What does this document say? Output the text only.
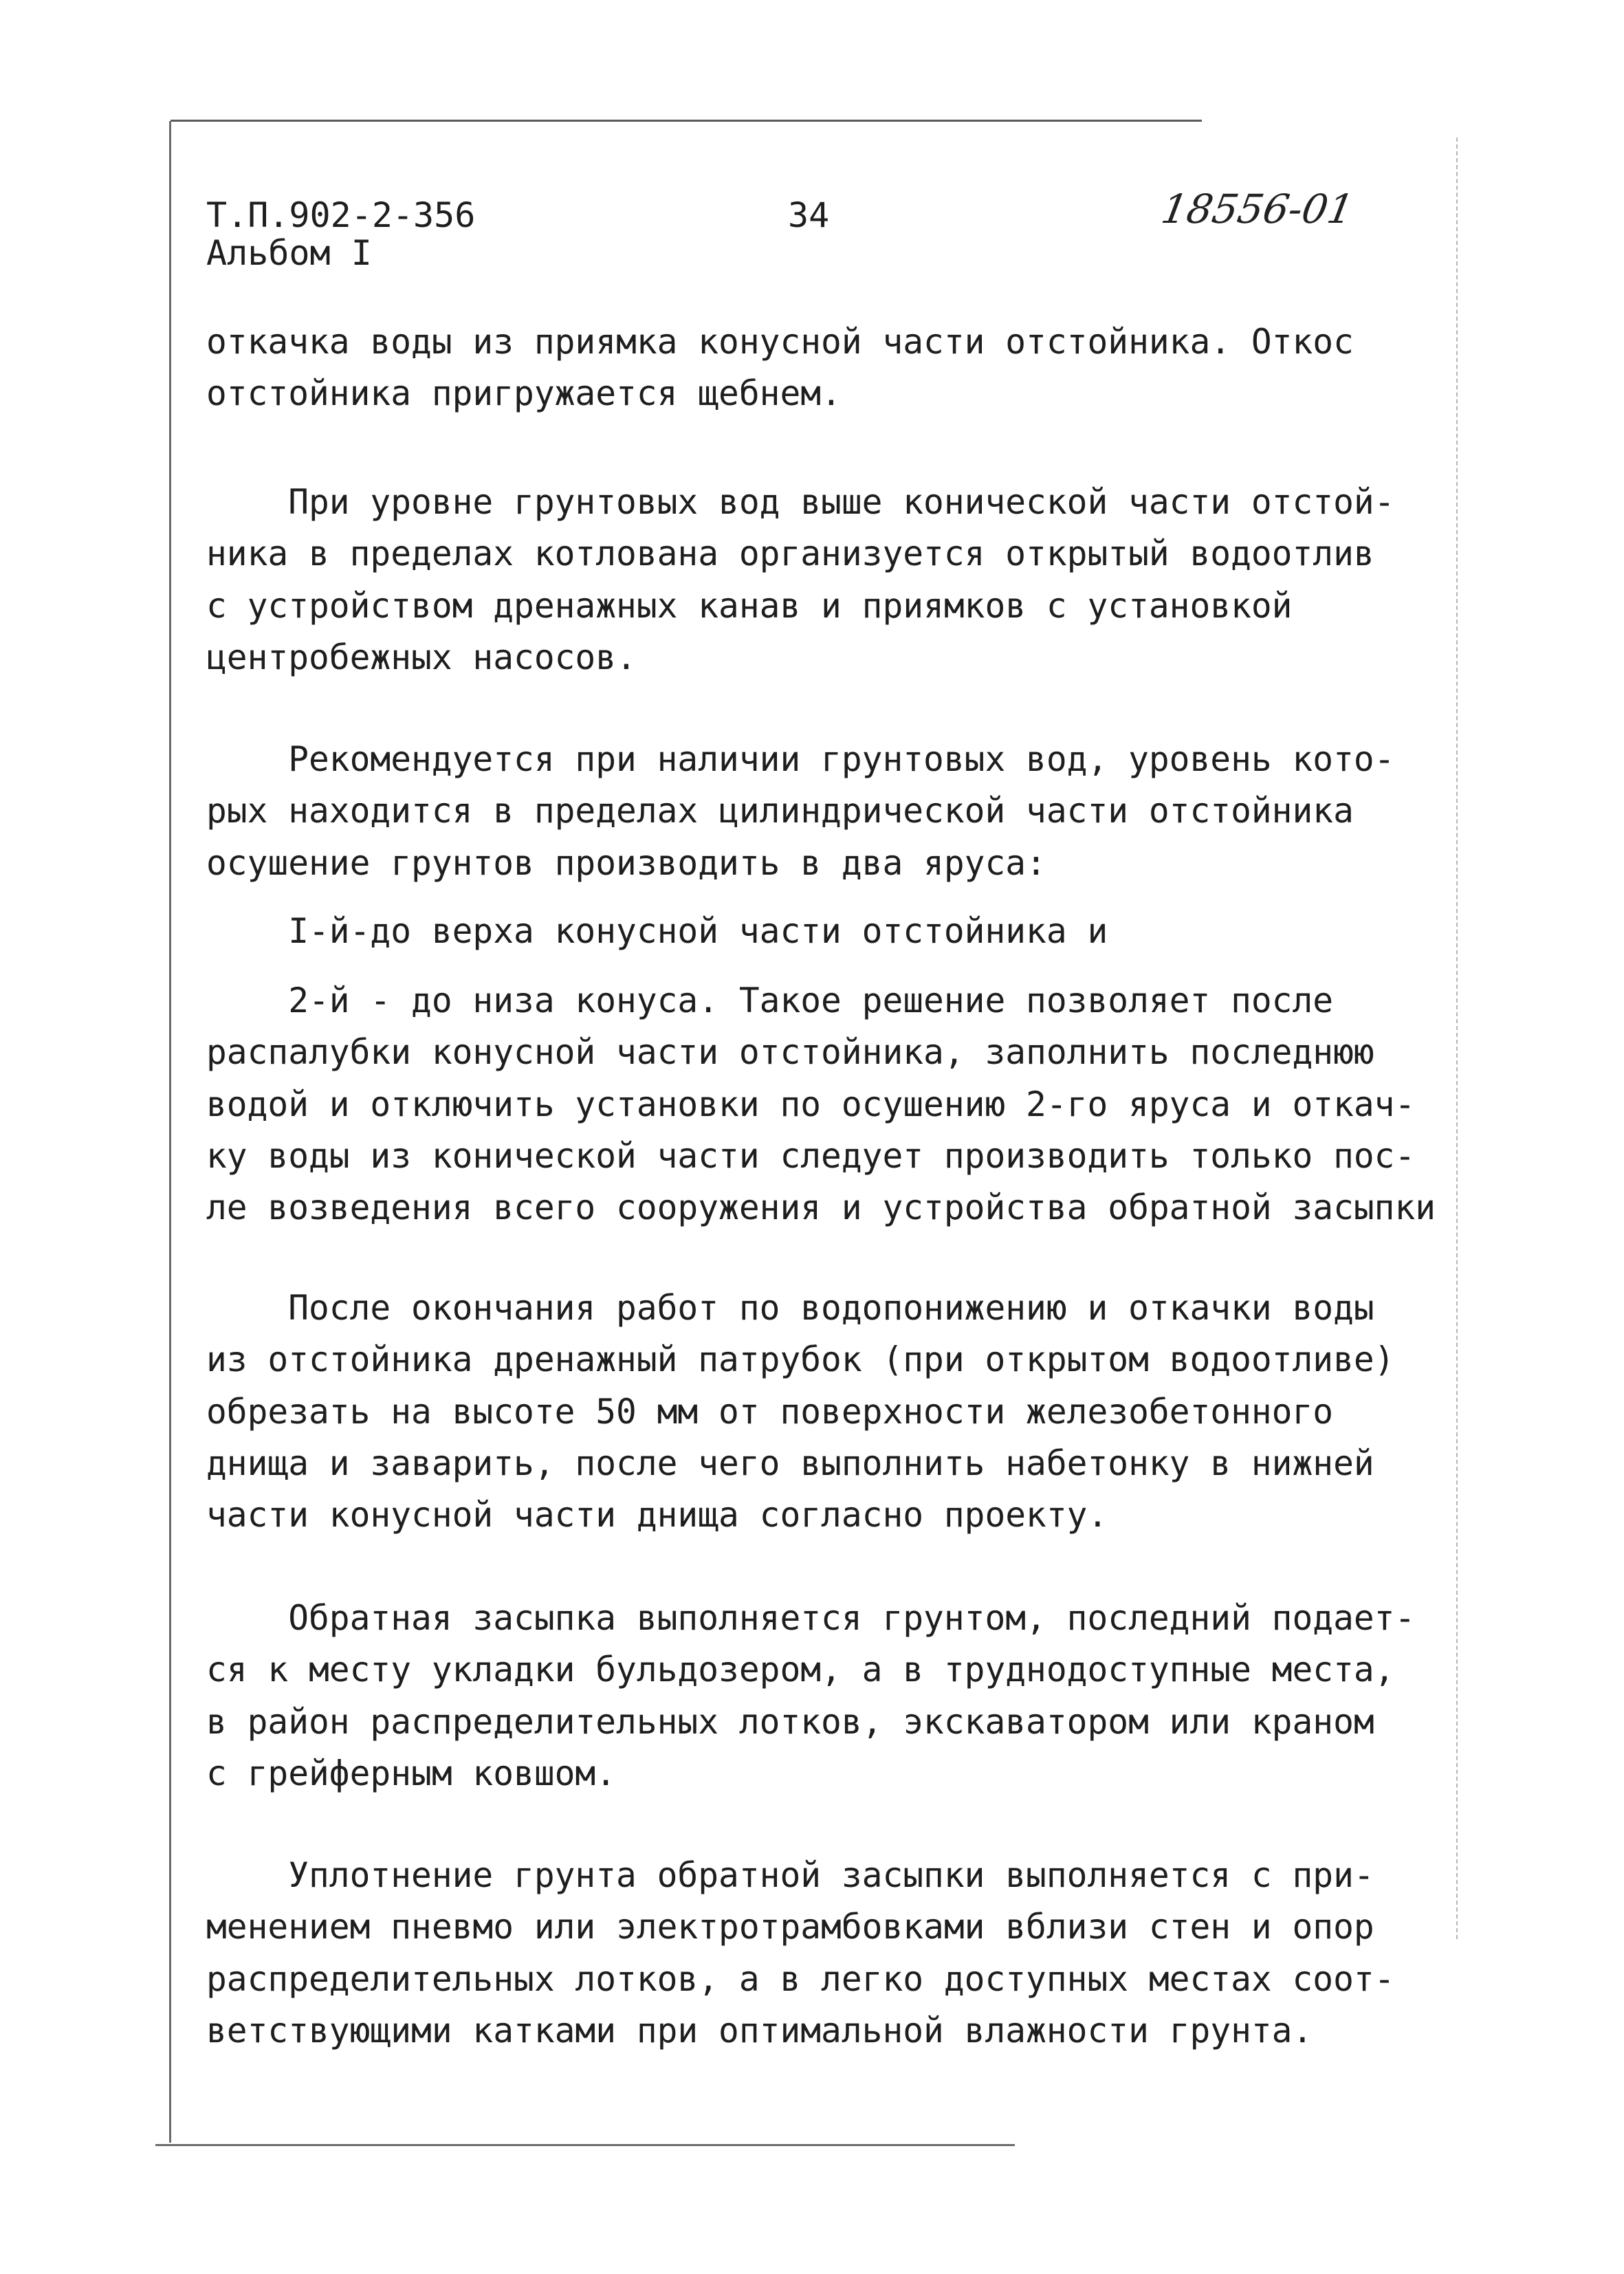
Т.П.902-2-356
Альбом I
34	18556-01
откачка воды из приямка конусной части отстойника. Откос
отстойника пригружается щебнем.
При уровне грунтовых вод выше конической части отстой-
ника в пределах котлована организуется открытый водоотлив
с устройством дренажных канав и приямков с установкой
центробежных насосов.
Рекомендуется при наличии грунтовых вод, уровень кото-
рых находится в пределах цилиндрической части отстойника
осушение грунтов производить в два яруса:
I-й-до верха конусной части отстойника и
2-й - до низа конуса. Такое решение позволяет после
распалубки конусной части отстойника, заполнить последнюю
водой и отключить установки по осушению 2-го яруса и откач-
ку воды из конической части следует производить только пос-
ле возведения всего сооружения и устройства обратной засыпки
После окончания работ по водопонижению и откачки воды
из отстойника дренажный патрубок (при открытом водоотливе)
обрезать на высоте 50 мм от поверхности железобетонного
днища и заварить, после чего выполнить набетонку в нижней
части конусной части днища согласно проекту.
Обратная засыпка выполняется грунтом, последний подает-
ся к месту укладки бульдозером, а в труднодоступные места,
в район распределительных лотков, экскаватором или краном
с грейферным ковшом.
Уплотнение грунта обратной засыпки выполняется с при-
менением пневмо или электротрамбовками вблизи стен и опор
распределительных лотков, а в легко доступных местах соот-
ветствующими катками при оптимальной влажности грунта.
